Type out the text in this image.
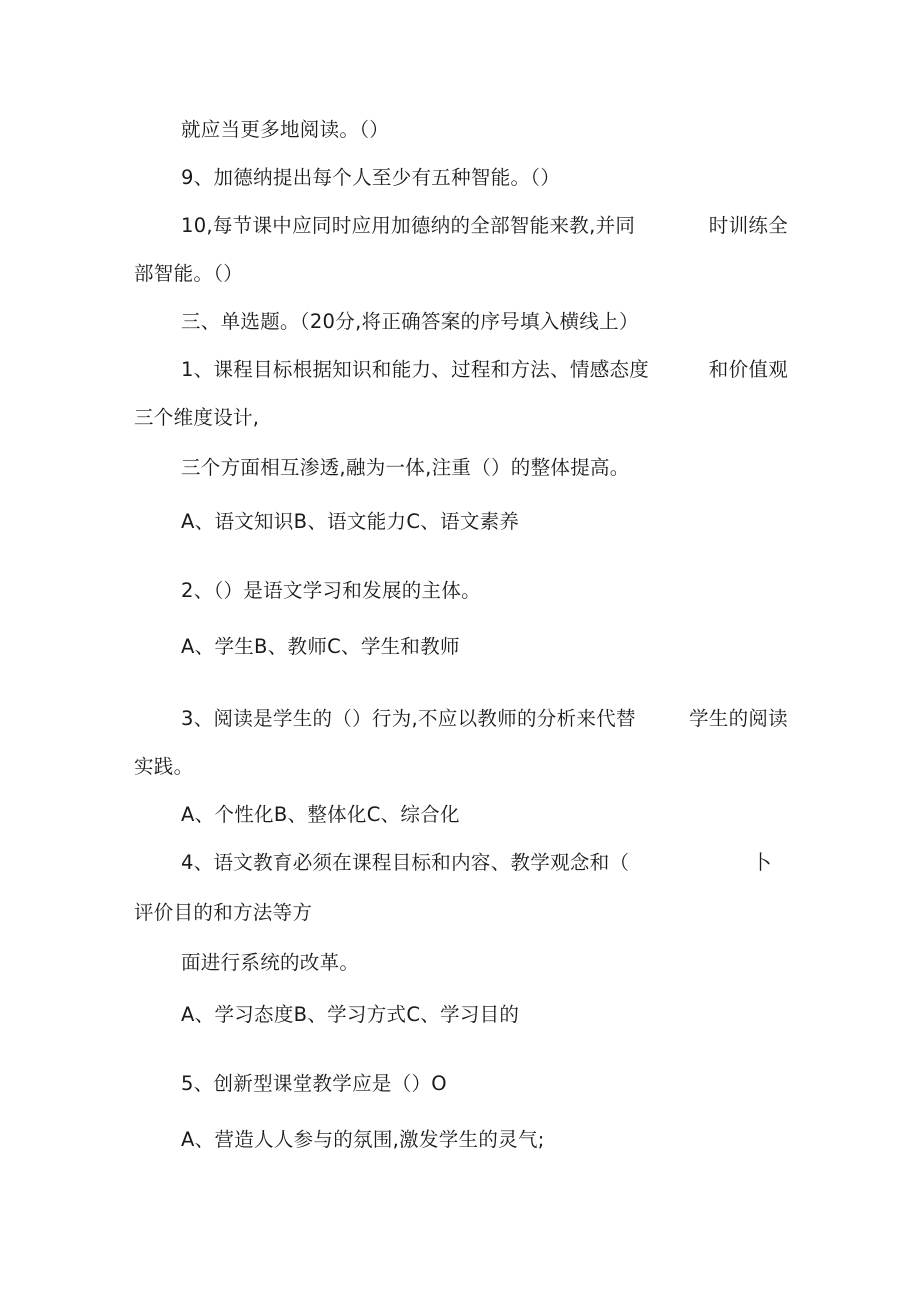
就应当更多地阅读。（）
9、加德纳提出每个人至少有五种智能。（）
10,每节课中应同时应用加德纳的全部智能来教,并同	时训练全
部智能。（）
三、单选题。（20分,将正确答案的序号填入横线上）
1、课程目标根据知识和能力、过程和方法、情感态度	和价值观
三个维度设计,
三个方面相互渗透,融为一体,注重（）的整体提高。
A、语文知识B、语文能力C、语文素养
2、（）是语文学习和发展的主体。
A、学生B、教师C、学生和教师
3、阅读是学生的（）行为,不应以教师的分析来代替	学生的阅读
实践。
A、个性化B、整体化C、综合化
4、语文教育必须在课程目标和内容、教学观念和（	卜
评价目的和方法等方
面进行系统的改革。
A、学习态度B、学习方式C、学习目的
5、创新型课堂教学应是（）O
A、营造人人参与的氛围,激发学生的灵气;
